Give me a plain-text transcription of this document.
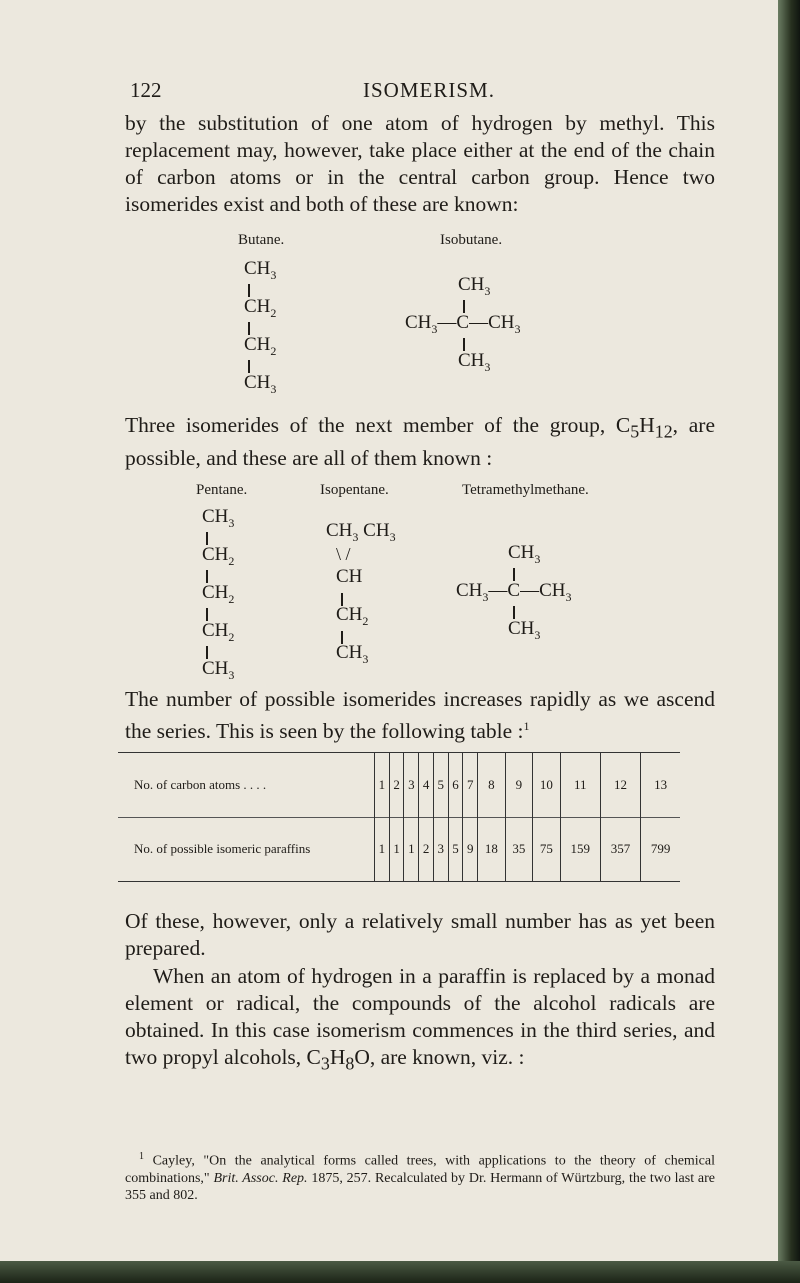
122	ISOMERISM.

by the substitution of one atom of hydrogen by methyl. This replacement may, however, take place either at the end of the chain of carbon atoms or in the central carbon group. Hence two isomerides exist and both of these are known:

Butane.
$CH_3$
$CH_2$
$CH_2$
$CH_3$
Isobutane.
$CH_3$
$CH_3—C—CH_3$
$CH_3$

Three isomerides of the next member of the group, $C_5H_{12}$, are possible, and these are all of them known :

Pentane.
$CH_3$
$CH_2$
$CH_2$
$CH_2$
$CH_3$
Isopentane.
$CH_3$ $CH_3$
\ /
CH
$CH_2$
$CH_3$
Tetramethylmethane.
$CH_3$
$CH_3—C—CH_3$
$CH_3$

The number of possible isomerides increases rapidly as we ascend the series. This is seen by the following table :$^1$

No. of carbon atoms . . . .	1	2	3	4	5	6	7	8	9	10	11	12	13
No. of possible isomeric paraffins	1	1	1	2	3	5	9	18	35	75	159	357	799

Of these, however, only a relatively small number has as yet been prepared.

When an atom of hydrogen in a paraffin is replaced by a monad element or radical, the compounds of the alcohol radicals are obtained. In this case isomerism commences in the third series, and two propyl alcohols, $C_3H_8O$, are known, viz. :

$^1$ Cayley, "On the analytical forms called trees, with applications to the theory of chemical combinations," Brit. Assoc. Rep. 1875, 257. Recalculated by Dr. Hermann of Würtzburg, the two last are 355 and 802.
